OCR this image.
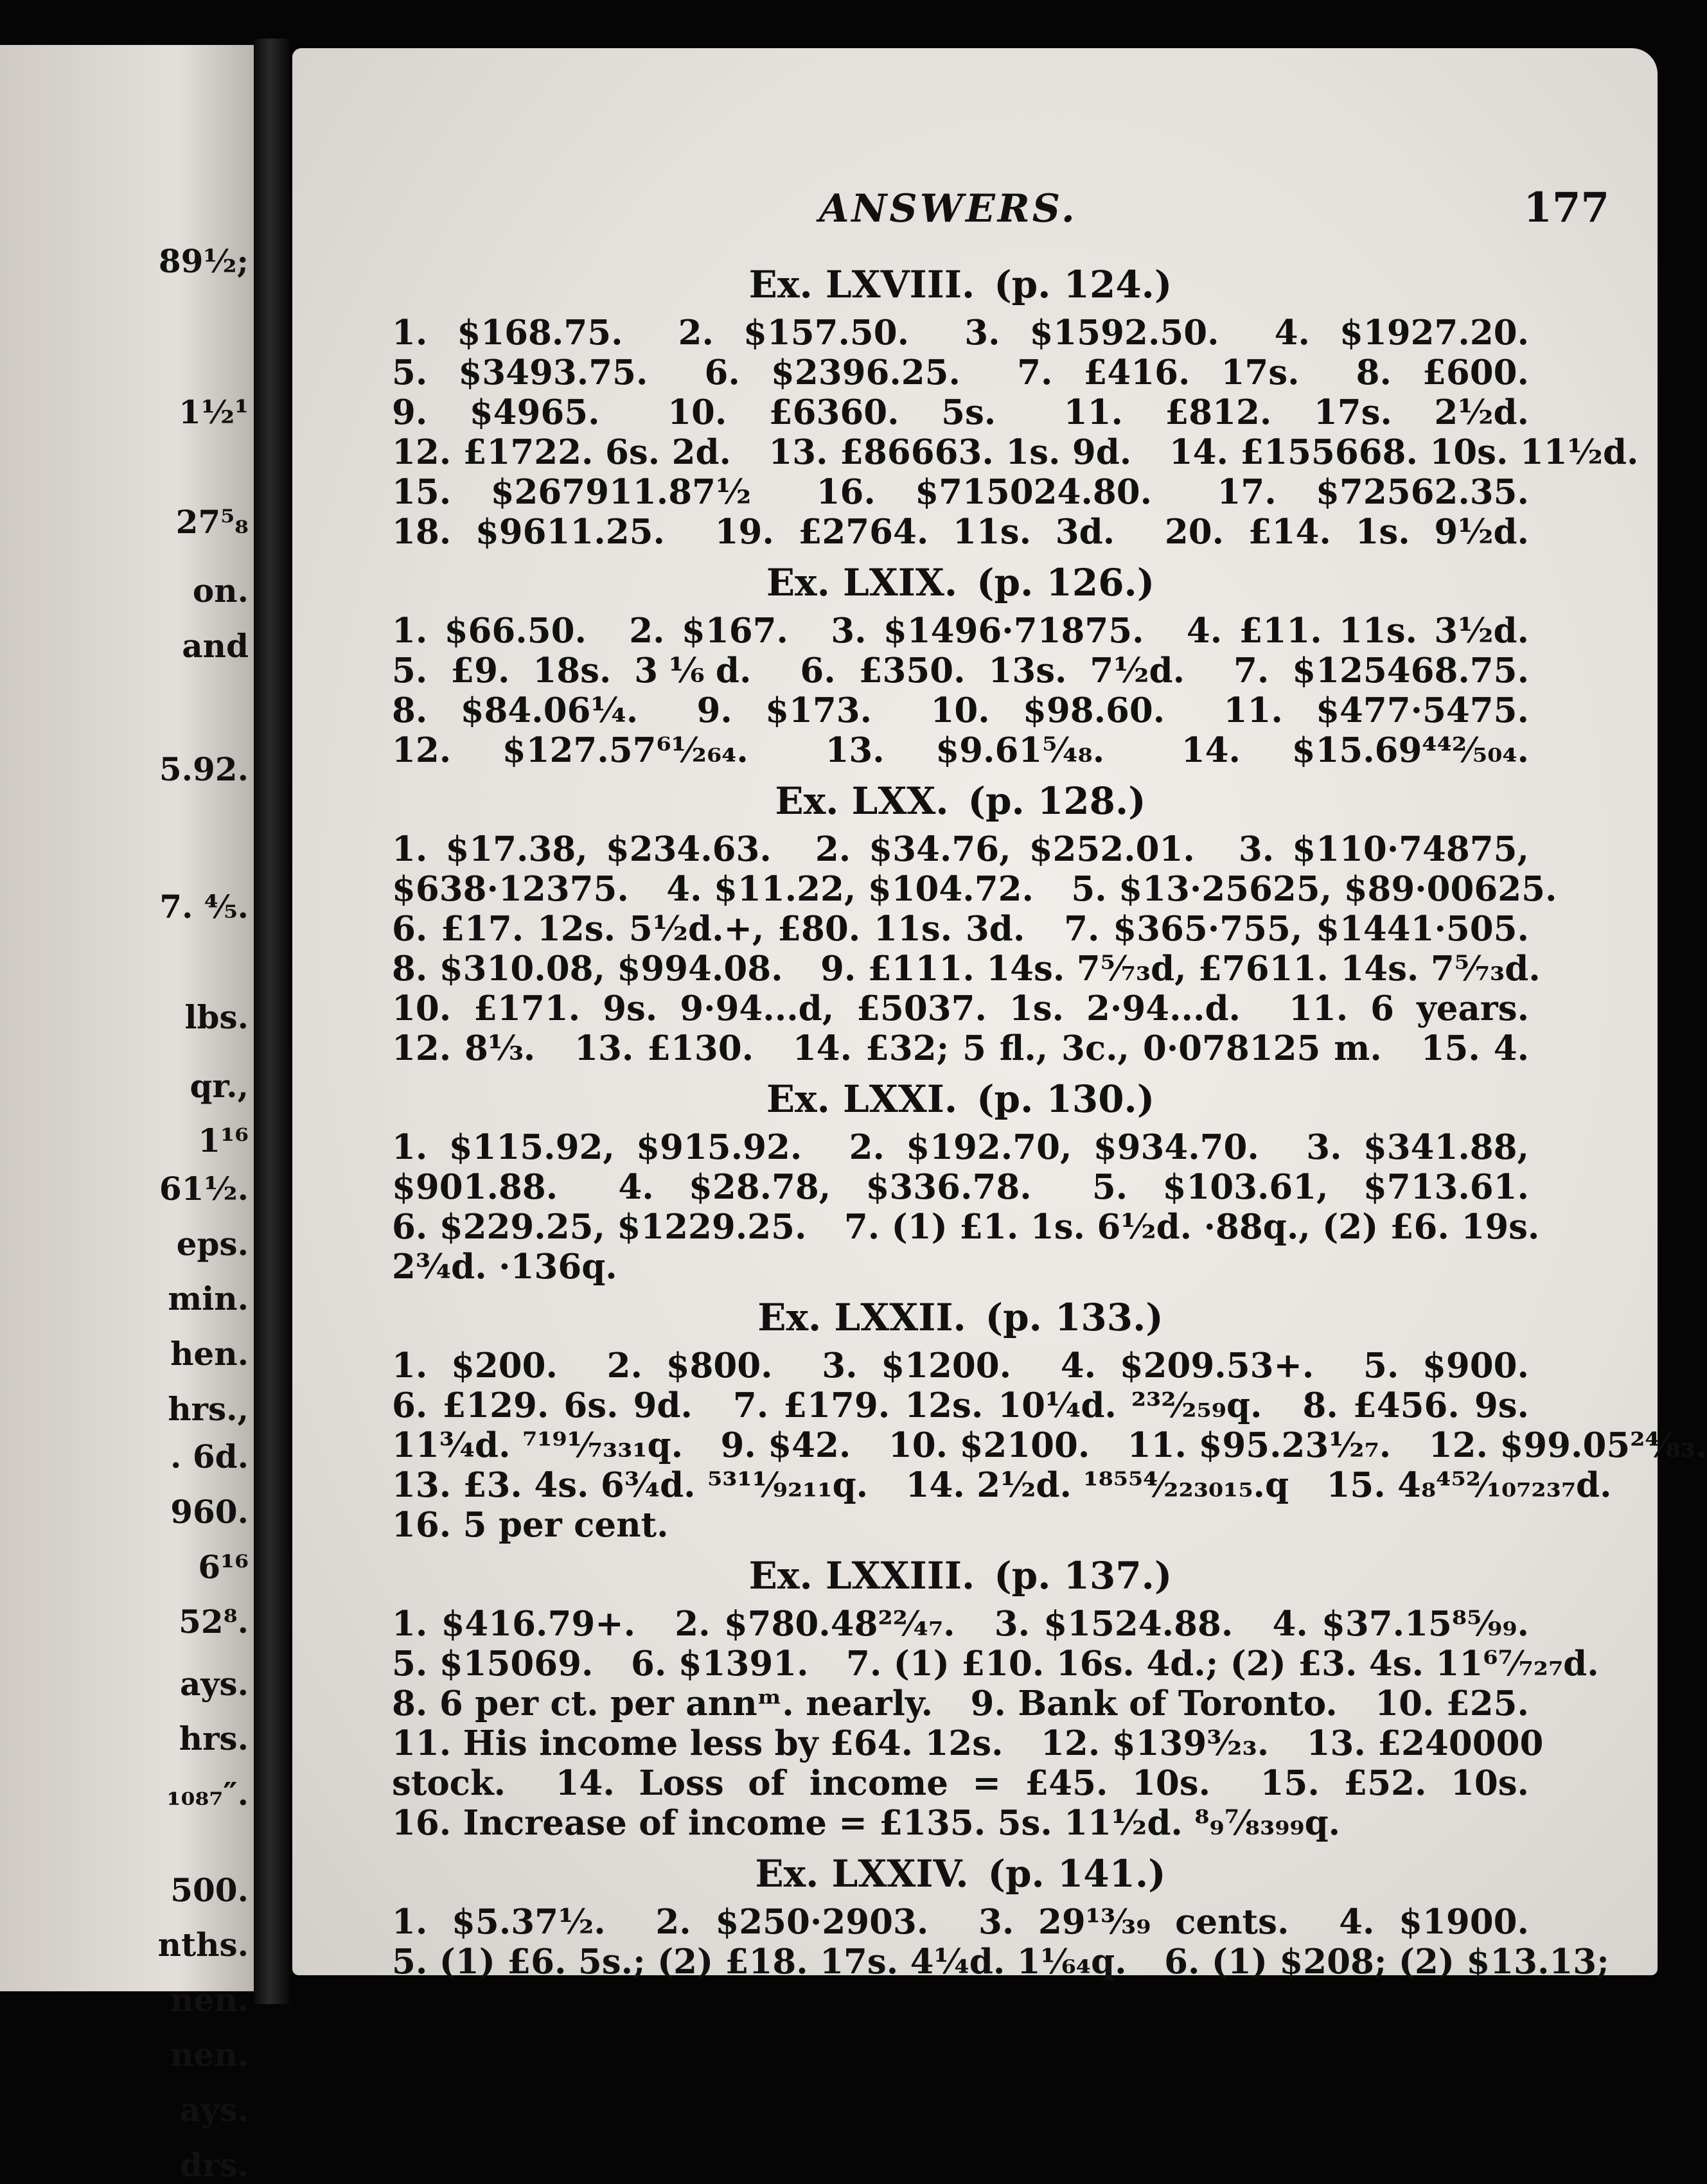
89½;
1½¹
27⁵₈
on.
and
5.92.
7. ⅘.
lbs.
qr.,
1¹⁶
61½.
eps.
min.
hen.
hrs.,
. 6d.
960.
6¹⁶
52⁸.
ays.
hrs.
₁₀₈₇″.
500.
nths.
nen.
nen.
ays.
drs.
ANSWERS.	177
Ex. LXVIII. (p. 124.)
1. $168.75. 2. $157.50. 3. $1592.50. 4. $1927.20.
5. $3493.75. 6. $2396.25. 7. £416. 17s. 8. £600.
9. $4965. 10. £6360. 5s. 11. £812. 17s. 2½d.
12. £1722. 6s. 2d. 13. £86663. 1s. 9d. 14. £155668. 10s. 11½d.
15. $267911.87½ 16. $715024.80. 17. $72562.35.
18. $9611.25. 19. £2764. 11s. 3d. 20. £14. 1s. 9½d.
Ex. LXIX. (p. 126.)
1. $66.50. 2. $167. 3. $1496·71875. 4. £11. 11s. 3½d.
5. £9. 18s. 3⅙d. 6. £350. 13s. 7½d. 7. $125468.75.
8. $84.06¼. 9. $173. 10. $98.60. 11. $477·5475.
12. $127.57⁶¹⁄₂₆₄. 13. $9.61⁵⁄₄₈. 14. $15.69⁴⁴²⁄₅₀₄.
Ex. LXX. (p. 128.)
1. $17.38, $234.63. 2. $34.76, $252.01. 3. $110·74875,
$638·12375. 4. $11.22, $104.72. 5. $13·25625, $89·00625.
6. £17. 12s. 5½d.+, £80. 11s. 3d. 7. $365·755, $1441·505.
8. $310.08, $994.08. 9. £111. 14s. 7⁵⁄₇₃d, £7611. 14s. 7⁵⁄₇₃d.
10. £171. 9s. 9·94...d, £5037. 1s. 2·94...d. 11. 6 years.
12. 8⅓. 13. £130. 14. £32; 5 fl., 3c., 0·078125 m. 15. 4.
Ex. LXXI. (p. 130.)
1. $115.92, $915.92. 2. $192.70, $934.70. 3. $341.88,
$901.88. 4. $28.78, $336.78. 5. $103.61, $713.61.
6. $229.25, $1229.25. 7. (1) £1. 1s. 6½d. ·88q., (2) £6. 19s.
2¾d. ·136q.
Ex. LXXII. (p. 133.)
1. $200. 2. $800. 3. $1200. 4. $209.53+. 5. $900.
6. £129. 6s. 9d. 7. £179. 12s. 10¼d. ²³²⁄₂₅₉q. 8. £456. 9s.
11¾d. ⁷¹⁹¹⁄₇₃₃₁q. 9. $42. 10. $2100. 11. $95.23¹⁄₂₇. 12. $99.05²⁴⁄₈₃.
13. £3. 4s. 6¾d. ⁵³¹¹⁄₉₂₁₁q. 14. 2½d. ¹⁸⁵⁵⁴⁄₂₂₃₀₁₅.q 15. 4₈⁴⁵²⁄₁₀₇₂₃₇d.
16. 5 per cent.
Ex. LXXIII. (p. 137.)
1. $416.79+. 2. $780.48²²⁄₄₇. 3. $1524.88. 4. $37.15⁸⁵⁄₉₉.
5. $15069. 6. $1391. 7. (1) £10. 16s. 4d.; (2) £3. 4s. 11⁶⁷⁄₇₂₇d.
8. 6 per ct. per annᵐ. nearly. 9. Bank of Toronto. 10. £25.
11. His income less by £64. 12s. 12. $139³⁄₂₃. 13. £240000
stock. 14. Loss of income = £45. 10s. 15. £52. 10s.
16. Increase of income = £135. 5s. 11½d. ⁸₉⁷⁄₈₃₉₉q.
Ex. LXXIV. (p. 141.)
1. $5.37½. 2. $250·2903. 3. 29¹³⁄₃₉ cents. 4. $1900.
5. (1) £6. 5s.; (2) £18. 17s. 4¼d. 1¹⁄₆₄q. 6. (1) $208; (2) $13.13;
